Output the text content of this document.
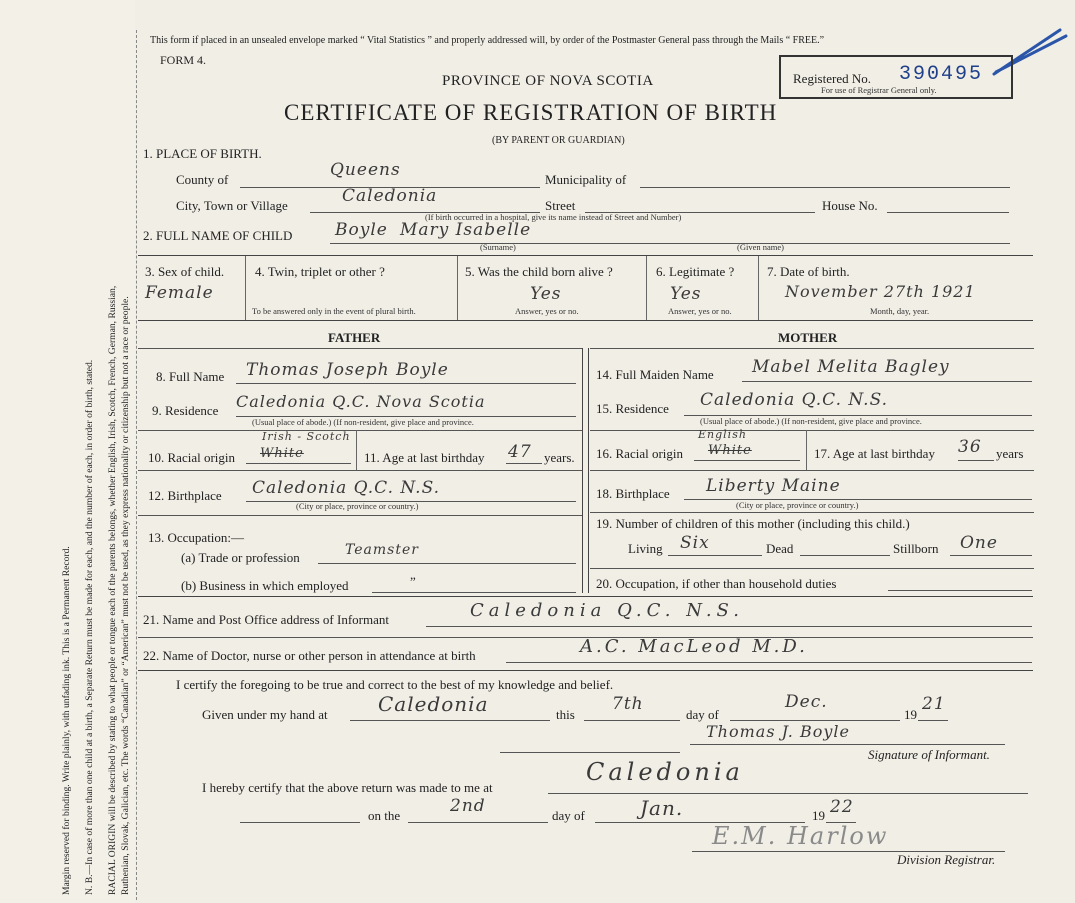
Margin reserved for binding. Write plainly, with unfading ink. This is a Permanent Record. N. B.—In case of more than one child at a birth, a Separate Return must be made for each, and the number of each, in order of birth, stated. RACIAL ORIGIN will be described by stating to what people or tongue each of the parents belongs, whether English, Irish, Scotch, French, German, Russian, Ruthenian, Slovak, Galician, etc. The words “Canadian” or “American” must not be used, as they express nationality or citizenship but not a race or people.
This form if placed in an unsealed envelope marked “ Vital Statistics ” and properly addressed will, by order of the Postmaster General pass through the Mails “ FREE.”
FORM 4.
PROVINCE OF NOVA SCOTIA
CERTIFICATE OF REGISTRATION OF BIRTH
(BY PARENT OR GUARDIAN)
Registered No. 390495
For use of Registrar General only.
1. PLACE OF BIRTH.
County of	Queens	Municipality of
City, Town or Village	Caledonia	Street	House No.
(If birth occurred in a hospital, give its name instead of Street and Number)
2. FULL NAME OF CHILD	Boyle Mary Isabelle
(Surname)	(Given name)
3. Sex of child.
Female
4. Twin, triplet or other ?
To be answered only in the event of plural birth.
5. Was the child born alive ?
Yes
Answer, yes or no.
6. Legitimate ?
Yes
Answer, yes or no.
7. Date of birth.
November 27th 1921
Month, day, year.
FATHER	MOTHER
8. Full Name Thomas Joseph Boyle
9. Residence Caledonia Q.C. Nova Scotia
(Usual place of abode.) (If non-resident, give place and province.
10. Racial origin
Irish - Scotch
White	11. Age at last birthday 47 years.
12. Birthplace Caledonia Q.C. N.S.
(City or place, province or country.)
13. Occupation:—
(a) Trade or profession	Teamster
(b) Business in which employed	”
14. Full Maiden Name Mabel Melita Bagley
15. Residence Caledonia Q.C. N.S.
(Usual place of abode.) (If non-resident, give place and province.
16. Racial origin
English
White	17. Age at last birthday 36 years
18. Birthplace Liberty Maine
(City or place, province or country.)
19. Number of children of this mother (including this child.)
Living Six	Dead	Stillborn One
20. Occupation, if other than household duties
21. Name and Post Office address of Informant	Caledonia Q.C. N.S.
22. Name of Doctor, nurse or other person in attendance at birth	A.C. MacLeod M.D.
I certify the foregoing to be true and correct to the best of my knowledge and belief.
Given under my hand at	Caledonia	this
7th
day of
Dec.
19
21
Thomas J. Boyle
Signature of Informant.
I hereby certify that the above return was made to me at
Caledonia
on the	2nd	day of	Jan.	19 22
E.M. Harlow
Division Registrar.
